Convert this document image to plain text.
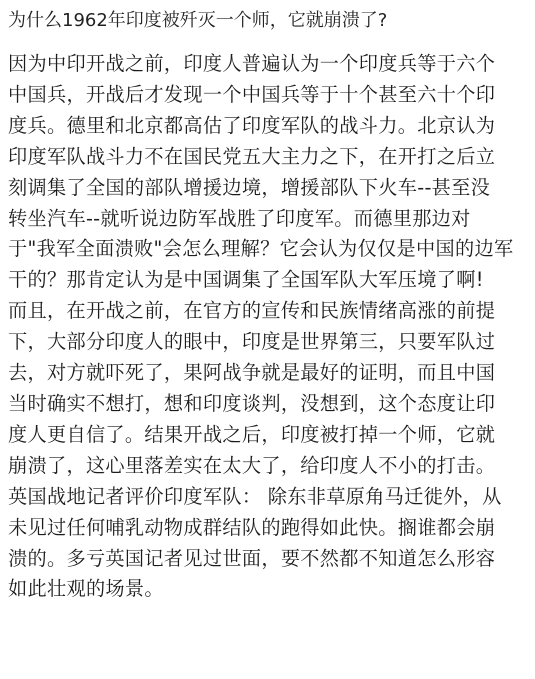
为什么1962年印度被歼灭一个师，它就崩溃了?
因为中印开战之前，印度人普遍认为一个印度兵等于六个
中国兵，开战后才发现一个中国兵等于十个甚至六十个印
度兵。德里和北京都高估了印度军队的战斗力。北京认为
印度军队战斗力不在国民党五大主力之下，在开打之后立
刻调集了全国的部队增援边境，增援部队下火车--甚至没
转坐汽车--就听说边防军战胜了印度军。而德里那边对
于"我军全面溃败"会怎么理解？它会认为仅仅是中国的边军
干的？那肯定认为是中国调集了全国军队大军压境了啊!
而且，在开战之前，在官方的宣传和民族情绪高涨的前提
下，大部分印度人的眼中，印度是世界第三，只要军队过
去，对方就吓死了，果阿战争就是最好的证明，而且中国
当时确实不想打，想和印度谈判，没想到，这个态度让印
度人更自信了。结果开战之后，印度被打掉一个师，它就
崩溃了，这心里落差实在太大了，给印度人不小的打击。
英国战地记者评价印度军队： 除东非草原角马迁徙外，从
未见过任何哺乳动物成群结队的跑得如此快。搁谁都会崩
溃的。多亏英国记者见过世面，要不然都不知道怎么形容
如此壮观的场景。
